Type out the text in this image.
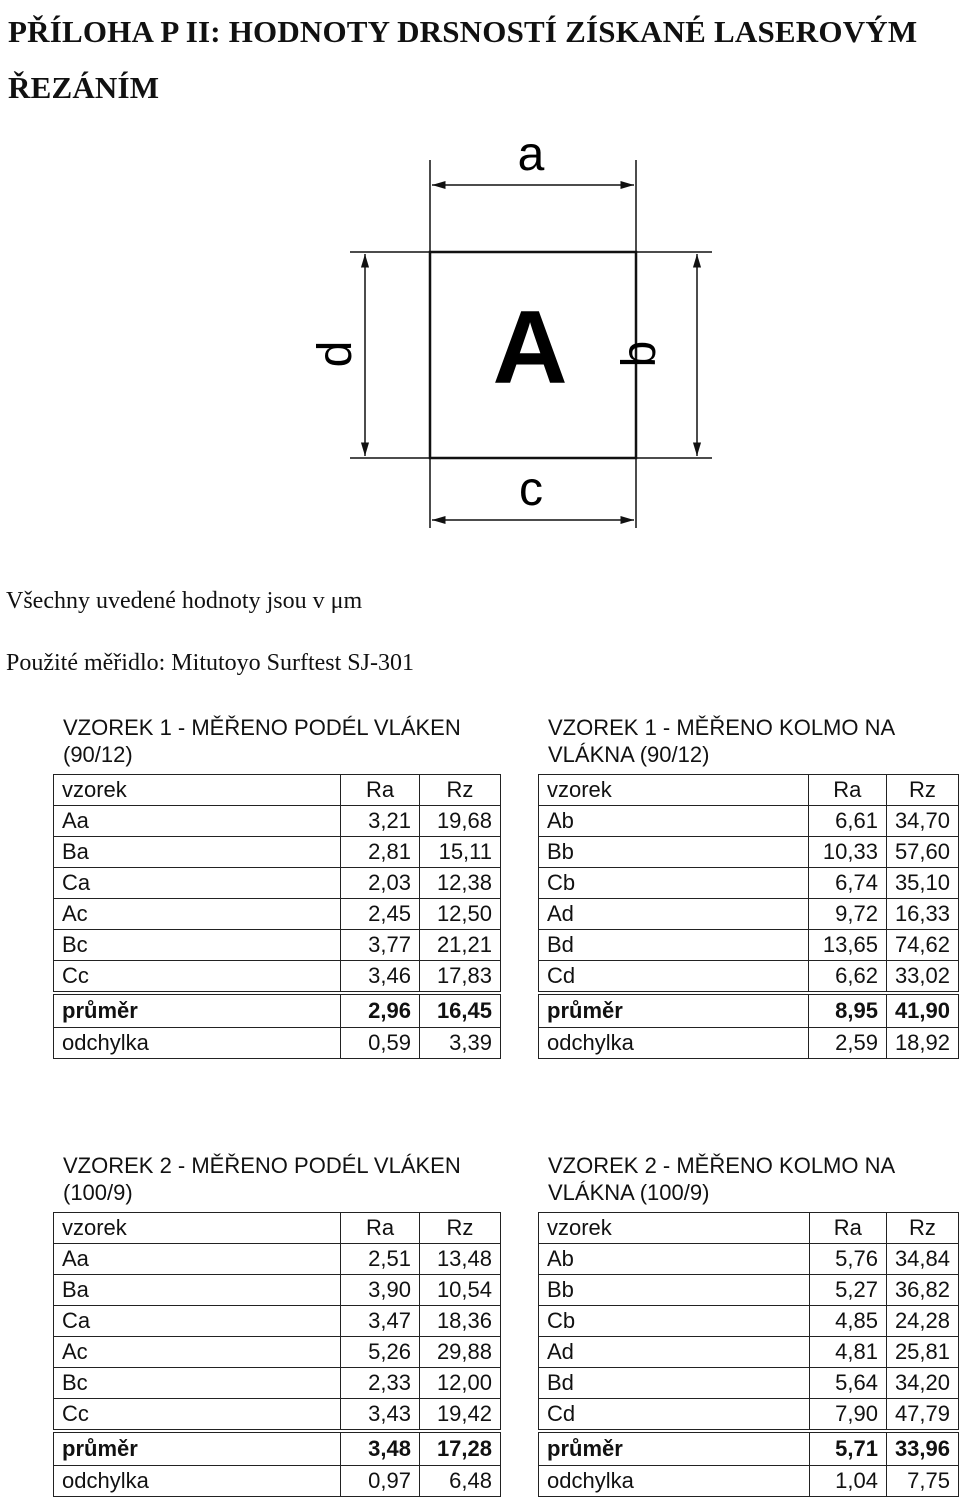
PŘÍLOHA P II: HODNOTY DRSNOSTÍ ZÍSKANÉ LASEROVÝM ŘEZÁNÍM
A
a
c
d	b

Všechny uvedené hodnoty jsou v μm

Použité měřidlo: Mitutoyo Surftest SJ-301

VZOREK 1 - MĚŘENO PODÉL VLÁKEN (90/12)
vzorek	Ra	Rz
Aa	3,21	19,68
Ba	2,81	15,11
Ca	2,03	12,38
Ac	2,45	12,50
Bc	3,77	21,21
Cc	3,46	17,83
průměr	2,96	16,45
odchylka	0,59	3,39
VZOREK 1 - MĚŘENO KOLMO NA VLÁKNA (90/12)
vzorek	Ra	Rz
Ab	6,61	34,70
Bb	10,33	57,60
Cb	6,74	35,10
Ad	9,72	16,33
Bd	13,65	74,62
Cd	6,62	33,02
průměr	8,95	41,90
odchylka	2,59	18,92
VZOREK 2 - MĚŘENO PODÉL VLÁKEN (100/9)
vzorek	Ra	Rz
Aa	2,51	13,48
Ba	3,90	10,54
Ca	3,47	18,36
Ac	5,26	29,88
Bc	2,33	12,00
Cc	3,43	19,42
průměr	3,48	17,28
odchylka	0,97	6,48
VZOREK 2 - MĚŘENO KOLMO NA VLÁKNA (100/9)
vzorek	Ra	Rz
Ab	5,76	34,84
Bb	5,27	36,82
Cb	4,85	24,28
Ad	4,81	25,81
Bd	5,64	34,20
Cd	7,90	47,79
průměr	5,71	33,96
odchylka	1,04	7,75
